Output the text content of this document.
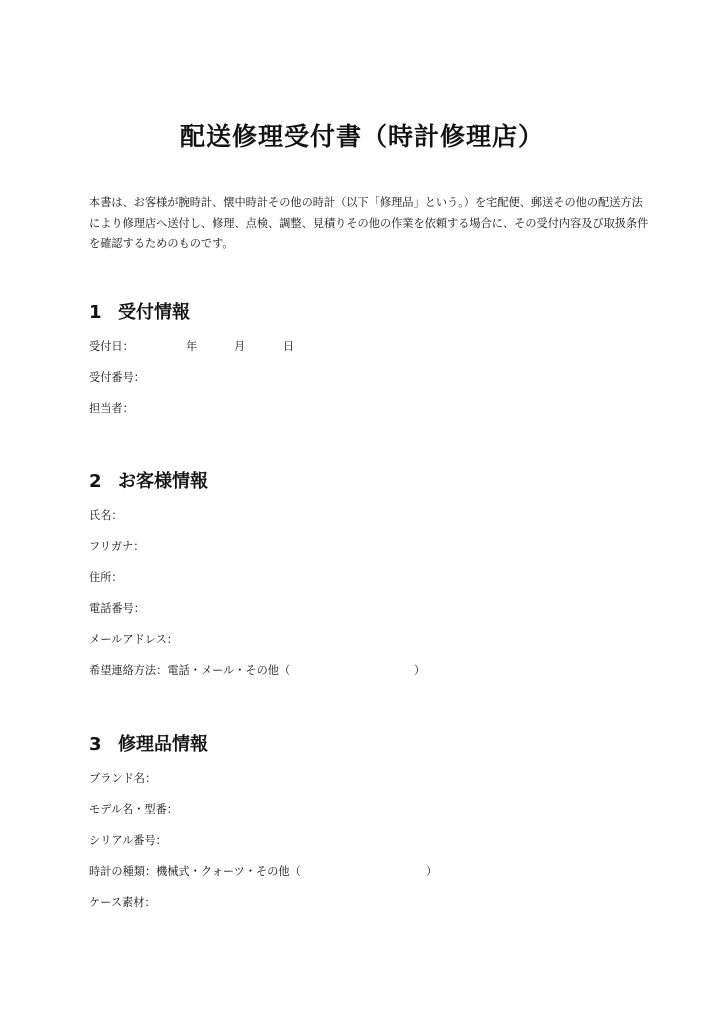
配送修理受付書（時計修理店）

本書は、お客様が腕時計、懐中時計その他の時計（以下「修理品」という。）を宅配便、郵送その他の配送方法により修理店へ送付し、修理、点検、調整、見積りその他の作業を依頼する場合に、その受付内容及び取扱条件を確認するためのものです。

1 受付情報
受付日：	年	月	日
受付番号：
担当者：
2 お客様情報
氏名：
フリガナ：
住所：
電話番号：
メールアドレス：
希望連絡方法：電話・メール・その他（	）
3 修理品情報
ブランド名：
モデル名・型番：
シリアル番号：
時計の種類：機械式・クォーツ・その他（	）
ケース素材：
